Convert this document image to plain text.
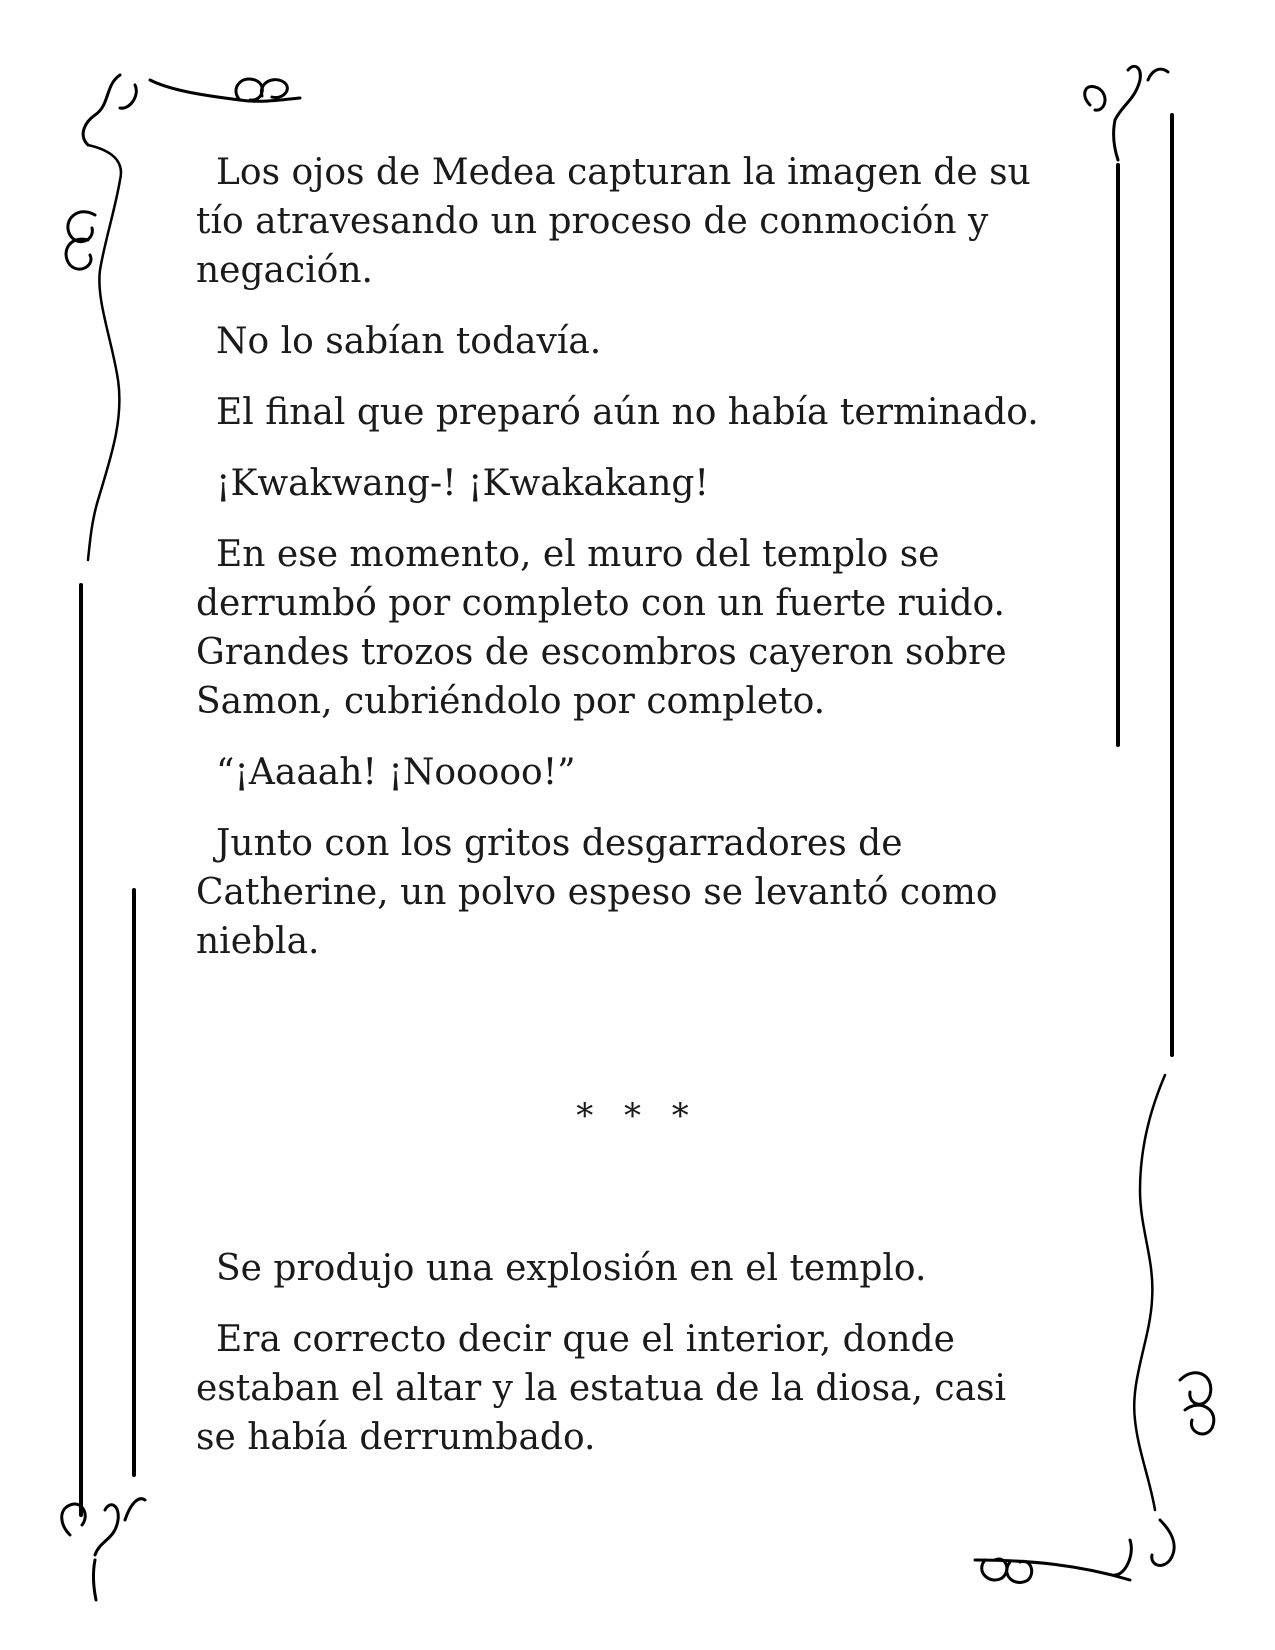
Los ojos de Medea capturan la imagen de su
tío atravesando un proceso de conmoción y
negación.

No lo sabían todavía.

El final que preparó aún no había terminado.

¡Kwakwang-! ¡Kwakakang!

En ese momento, el muro del templo se
derrumbó por completo con un fuerte ruido.
Grandes trozos de escombros cayeron sobre
Samon, cubriéndolo por completo.

“¡Aaaah! ¡Nooooo!”

Junto con los gritos desgarradores de
Catherine, un polvo espeso se levantó como
niebla.

* * *

Se produjo una explosión en el templo.

Era correcto decir que el interior, donde
estaban el altar y la estatua de la diosa, casi
se había derrumbado.
